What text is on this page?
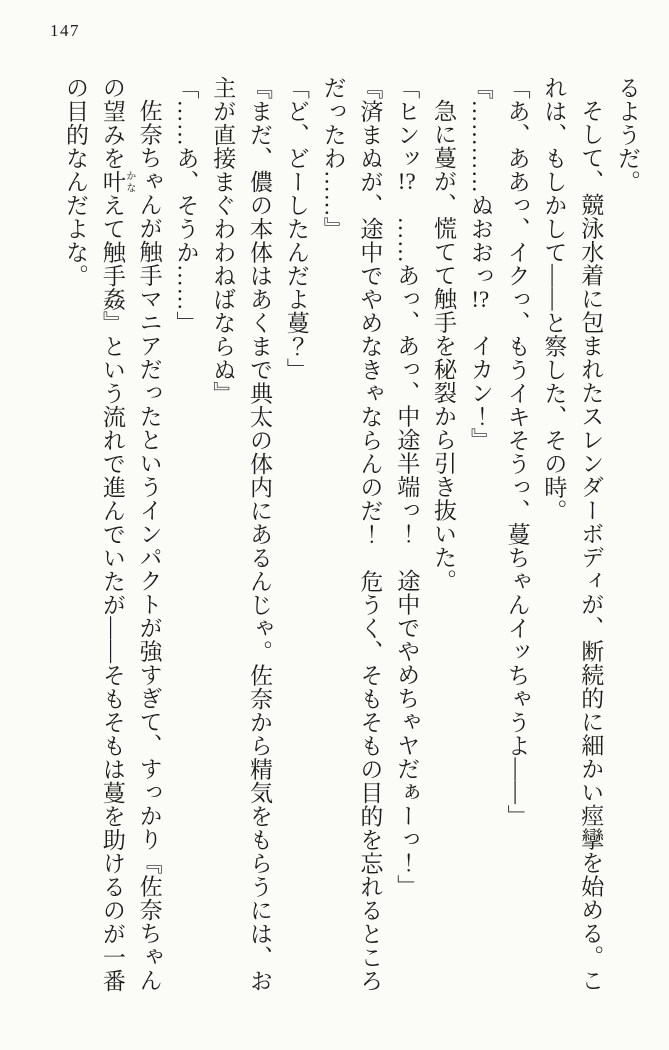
147

るようだ。

そして、競泳水着に包まれたスレンダーボディが、断続的に細かい痙攣を始める。これは、もしかして――と察した、その時。

「あ、ああっ、イクっ、もうイキそうっ、蔓ちゃんイッちゃうよ――」

『…………ぬおおっ!?　イカン！』

急に蔓が、慌てて触手を秘裂から引き抜いた。

「ヒンッ!?　……あっ、あっ、中途半端っ！　途中でやめちゃヤだぁーっ！」

『済まぬが、途中でやめなきゃならんのだ！　危うく、そもそもの目的を忘れるところだったわ……』

「ど、どーしたんだよ蔓？」

『まだ、儂の本体はあくまで典太の体内にあるんじゃ。佐奈から精気をもらうには、お主が直接まぐわわねばならぬ』

「……あ、そうか……」

佐奈ちゃんが触手マニアだったというインパクトが強すぎて、すっかり『佐奈ちゃんの望みを叶 かなえて触手姦』という流れで進んでいたが――そもそもは蔓を助けるのが一番の目的なんだよな。
